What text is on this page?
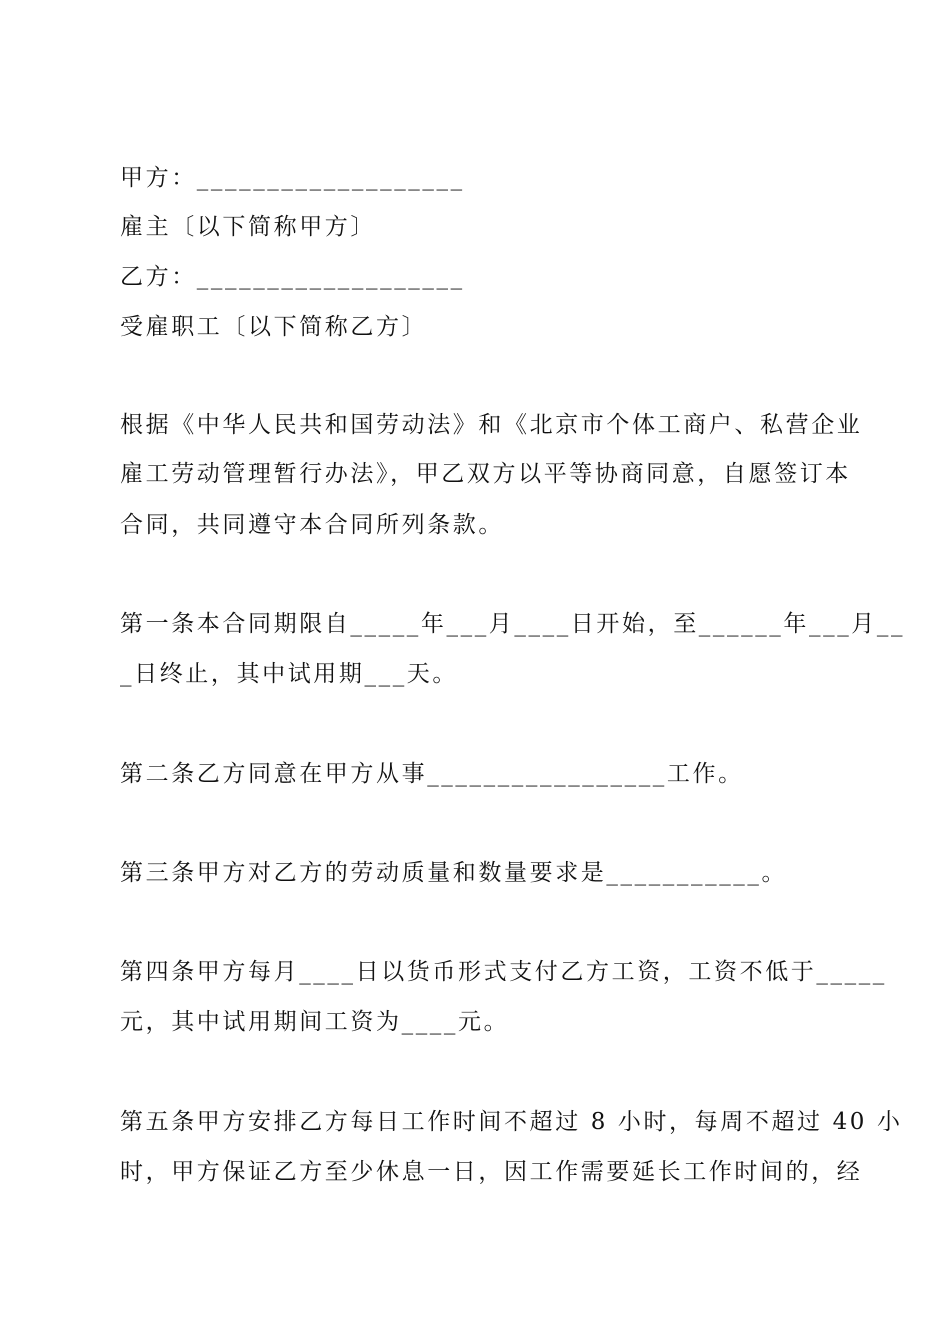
甲方：___________________
雇主〔以下简称甲方〕
乙方：___________________
受雇职工〔以下简称乙方〕
根据《中华人民共和国劳动法》和《北京市个体工商户、私营企业
雇工劳动管理暂行办法》，甲乙双方以平等协商同意，自愿签订本
合同，共同遵守本合同所列条款。
第一条本合同期限自_____年___月____日开始，至______年___月__
_日终止，其中试用期___天。
第二条乙方同意在甲方从事_________________工作。
第三条甲方对乙方的劳动质量和数量要求是___________。
第四条甲方每月____日以货币形式支付乙方工资，工资不低于_____
元，其中试用期间工资为____元。
第五条甲方安排乙方每日工作时间不超过 8 小时，每周不超过 40 小
时，甲方保证乙方至少休息一日，因工作需要延长工作时间的，经
